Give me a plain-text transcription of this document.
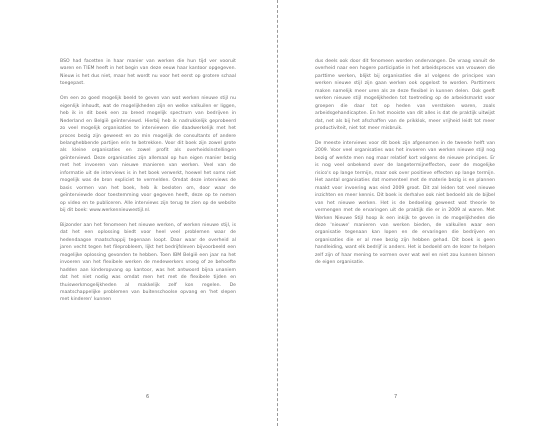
BSO had facetten in haar manier van werken die hun tijd ver vooruit waren en TIEM heeft in het begin van deze eeuw haar kantoor opgegeven. Nieuw is het dus niet, maar het wordt nu voor het eerst op grotere schaal toegepast.

Om een zo goed mogelijk beeld te geven van wat werken nieuwe stijl nu eigenlijk inhoudt, wat de mogelijkheden zijn en welke valkuilen er liggen, heb ik in dit boek een zo breed mogelijk spectrum van bedrijven in Nederland en België geïnterviewd. Hierbij heb ik nadrukkelijk geprobeerd zo veel mogelijk organisaties te interviewen die daadwerkelijk met het proces bezig zijn geweest en zo min mogelijk de consultants of andere belanghebbende partijen erin te betrekken. Voor dit boek zijn zowel grote als kleine organisaties en zowel profit als overheidsinstellingen geïnterviewd. Deze organisaties zijn allemaal op hun eigen manier bezig met het invoeren van nieuwe manieren van werken. Veel van de informatie uit de interviews is in het boek verwerkt, hoewel het soms niet mogelijk was de bron expliciet te vermelden. Omdat deze interviews de basis vormen van het boek, heb ik besloten om, door waar de geïnterviewde door toestemming voor gegeven heeft, deze op te nemen op video en te publiceren. Alle interviews zijn terug te zien op de website bij dit boek: www.werkennieuwestijl.nl.

Bijzonder aan het fenomeen het nieuwe werken, of werken nieuwe stijl, is dat het een oplossing biedt voor heel veel problemen waar de hedendaagse maatschappij tegenaan loopt. Daar waar de overheid al jaren vecht tegen het fileprobleem, lijkt het bedrijfsleven bijvoorbeeld een mogelijke oplossing gevonden te hebben. Toen IBM België een jaar na het invoeren van het flexibele werken de medewerkers vroeg of ze behoefte hadden aan kinderopvang op kantoor, was het antwoord bijna unaniem dat het niet nodig was omdat men het met de flexibele tijden en thuiswerkmogelijkheden al makkelijk zelf kon regelen. De maatschappelijke problemen van buitenschoolse opvang en 'het slepen met kinderen' kunnen

6

dus deels ook door dit fenomeen worden ondervangen. De vraag vanuit de overheid naar een hogere participatie in het arbeidsproces van vrouwen die parttime werken, blijkt bij organisaties die al volgens de principes van werken nieuwe stijl zijn gaan werken ook opgelost te worden. Parttimers maken namelijk meer uren als ze deze flexibel in kunnen delen. Ook geeft werken nieuwe stijl mogelijkheden tot toetreding op de arbeidsmarkt voor groepen die daar tot op heden van verstoken waren, zoals arbeidsgehandicapten. En het mooiste van dit alles is dat de praktijk uitwijst dat, net als bij het afschaffen van de prikklok, meer vrijheid leidt tot meer productiviteit, niet tot meer misbruik.

De meeste interviews voor dit boek zijn afgenomen in de tweede helft van 2009. Voor veel organisaties was het invoeren van werken nieuwe stijl nog bezig of werkte men nog maar relatief kort volgens de nieuwe principes. Er is nog veel onbekend over de langetermijneffecten, over de mogelijke risico's op lange termijn, maar ook over positieve effecten op lange termijn. Het aantal organisaties dat momenteel met de materie bezig is en plannen maakt voor invoering was eind 2009 groot. Dit zal leiden tot veel nieuwe inzichten en meer kennis. Dit boek is derhalve ook niet bedoeld als de bijbel van het nieuwe werken. Het is de bedoeling geweest wat theorie te vermengen met de ervaringen uit de praktijk die er in 2009 al waren. Met Werken Nieuwe Stijl hoop ik een inkijk te geven in de mogelijkheden die deze 'nieuwe' manieren van werken bieden, de valkuilen waar een organisatie tegenaan kan lopen en de ervaringen die bedrijven en organisaties die er al mee bezig zijn hebben gehad. Dit boek is geen handleiding, want elk bedrijf is anders. Het is bedoeld om de lezer te helpen zelf zijn of haar mening te vormen over wat wel en niet zou kunnen binnen de eigen organisatie.

7
